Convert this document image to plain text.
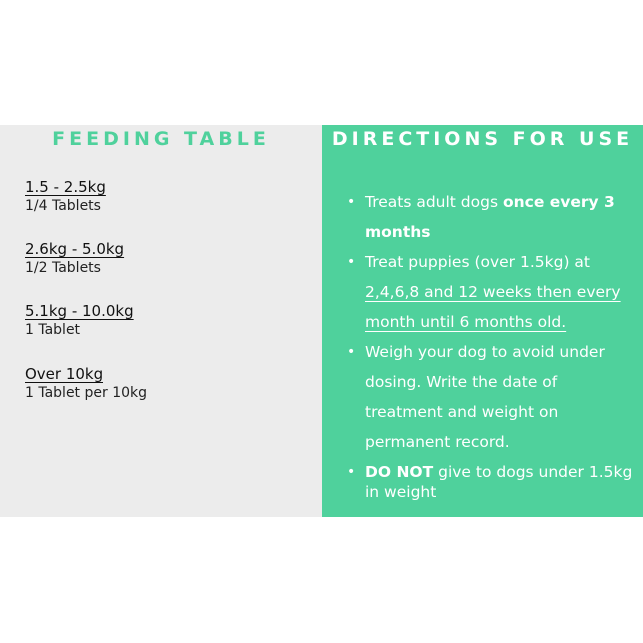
FEEDING TABLE
1.5 - 2.5kg
1/4 Tablets
2.6kg - 5.0kg
1/2 Tablets
5.1kg - 10.0kg
1 Tablet
Over 10kg
1 Tablet per 10kg
DIRECTIONS FOR USE
• Treats adult dogs once every 3 months
• Treat puppies (over 1.5kg) at 2,4,6,8 and 12 weeks then every month until 6 months old.
• Weigh your dog to avoid under dosing. Write the date of treatment and weight on permanent record.
• DO NOT give to dogs under 1.5kg in weight
